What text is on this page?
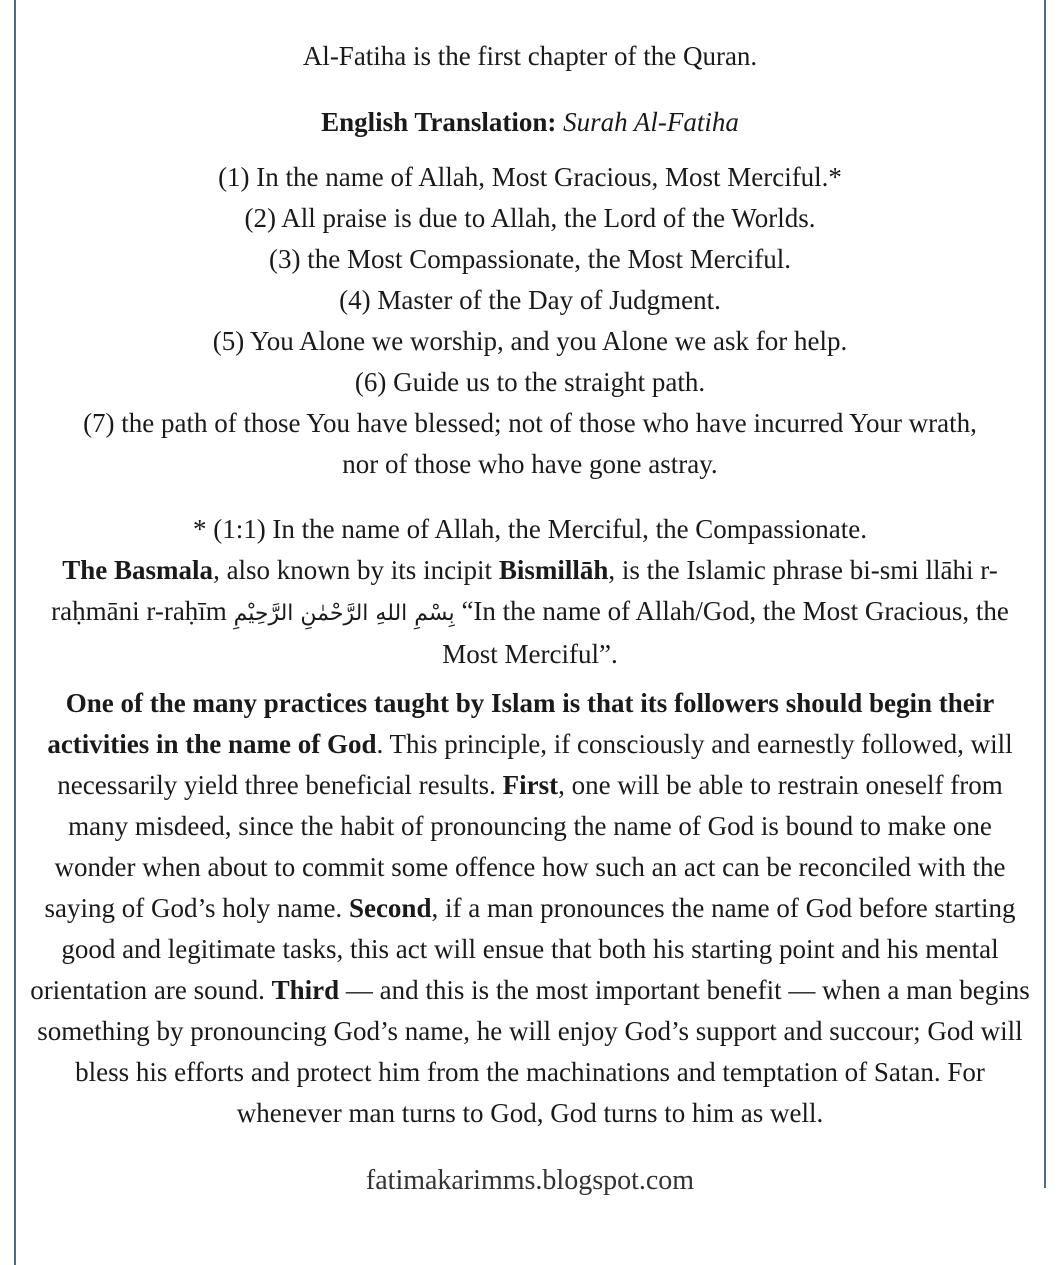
Al-Fatiha is the first chapter of the Quran.

English Translation: Surah Al-Fatiha

(1) In the name of Allah, Most Gracious, Most Merciful.*
(2) All praise is due to Allah, the Lord of the Worlds.
(3) the Most Compassionate, the Most Merciful.
(4) Master of the Day of Judgment.
(5) You Alone we worship, and you Alone we ask for help.
(6) Guide us to the straight path.
(7) the path of those You have blessed; not of those who have incurred Your wrath, nor of those who have gone astray.

* (1:1) In the name of Allah, the Merciful, the Compassionate.
The Basmala, also known by its incipit Bismillāh, is the Islamic phrase bi-smi llāhi r-raḥmāni r-raḥīm بِسْمِ اللهِ الرَّحْمٰنِ الرَّحِيْمِ “In the name of Allah/God, the Most Gracious, the Most Merciful”.

One of the many practices taught by Islam is that its followers should begin their activities in the name of God. This principle, if consciously and earnestly followed, will necessarily yield three beneficial results. First, one will be able to restrain oneself from many misdeed, since the habit of pronouncing the name of God is bound to make one wonder when about to commit some offence how such an act can be reconciled with the saying of God’s holy name. Second, if a man pronounces the name of God before starting good and legitimate tasks, this act will ensue that both his starting point and his mental orientation are sound. Third — and this is the most important benefit — when a man begins something by pronouncing God’s name, he will enjoy God’s support and succour; God will bless his efforts and protect him from the machinations and temptation of Satan. For whenever man turns to God, God turns to him as well.

fatimakarimms.blogspot.com
